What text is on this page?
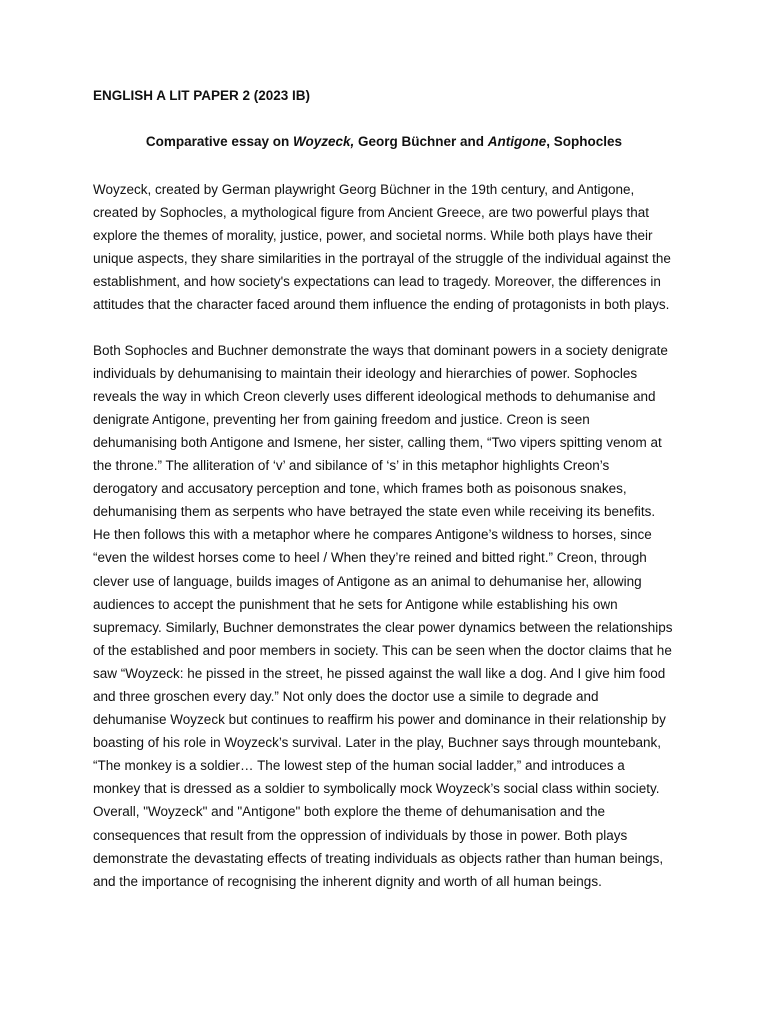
ENGLISH A LIT PAPER 2 (2023 IB)

Comparative essay on Woyzeck, Georg Büchner and Antigone, Sophocles

Woyzeck, created by German playwright Georg Büchner in the 19th century, and Antigone, created by Sophocles, a mythological figure from Ancient Greece, are two powerful plays that explore the themes of morality, justice, power, and societal norms. While both plays have their unique aspects, they share similarities in the portrayal of the struggle of the individual against the establishment, and how society's expectations can lead to tragedy. Moreover, the differences in attitudes that the character faced around them influence the ending of protagonists in both plays.

Both Sophocles and Buchner demonstrate the ways that dominant powers in a society denigrate individuals by dehumanising to maintain their ideology and hierarchies of power. Sophocles reveals the way in which Creon cleverly uses different ideological methods to dehumanise and denigrate Antigone, preventing her from gaining freedom and justice. Creon is seen dehumanising both Antigone and Ismene, her sister, calling them, “Two vipers spitting venom at the throne.” The alliteration of ‘v’ and sibilance of ‘s’ in this metaphor highlights Creon’s derogatory and accusatory perception and tone, which frames both as poisonous snakes, dehumanising them as serpents who have betrayed the state even while receiving its benefits. He then follows this with a metaphor where he compares Antigone’s wildness to horses, since “even the wildest horses come to heel / When they’re reined and bitted right.” Creon, through clever use of language, builds images of Antigone as an animal to dehumanise her, allowing audiences to accept the punishment that he sets for Antigone while establishing his own supremacy. Similarly, Buchner demonstrates the clear power dynamics between the relationships of the established and poor members in society. This can be seen when the doctor claims that he saw “Woyzeck: he pissed in the street, he pissed against the wall like a dog. And I give him food and three groschen every day.” Not only does the doctor use a simile to degrade and dehumanise Woyzeck but continues to reaffirm his power and dominance in their relationship by boasting of his role in Woyzeck’s survival. Later in the play, Buchner says through mountebank, “The monkey is a soldier… The lowest step of the human social ladder,” and introduces a monkey that is dressed as a soldier to symbolically mock Woyzeck’s social class within society. Overall, "Woyzeck" and "Antigone" both explore the theme of dehumanisation and the consequences that result from the oppression of individuals by those in power. Both plays demonstrate the devastating effects of treating individuals as objects rather than human beings, and the importance of recognising the inherent dignity and worth of all human beings.
